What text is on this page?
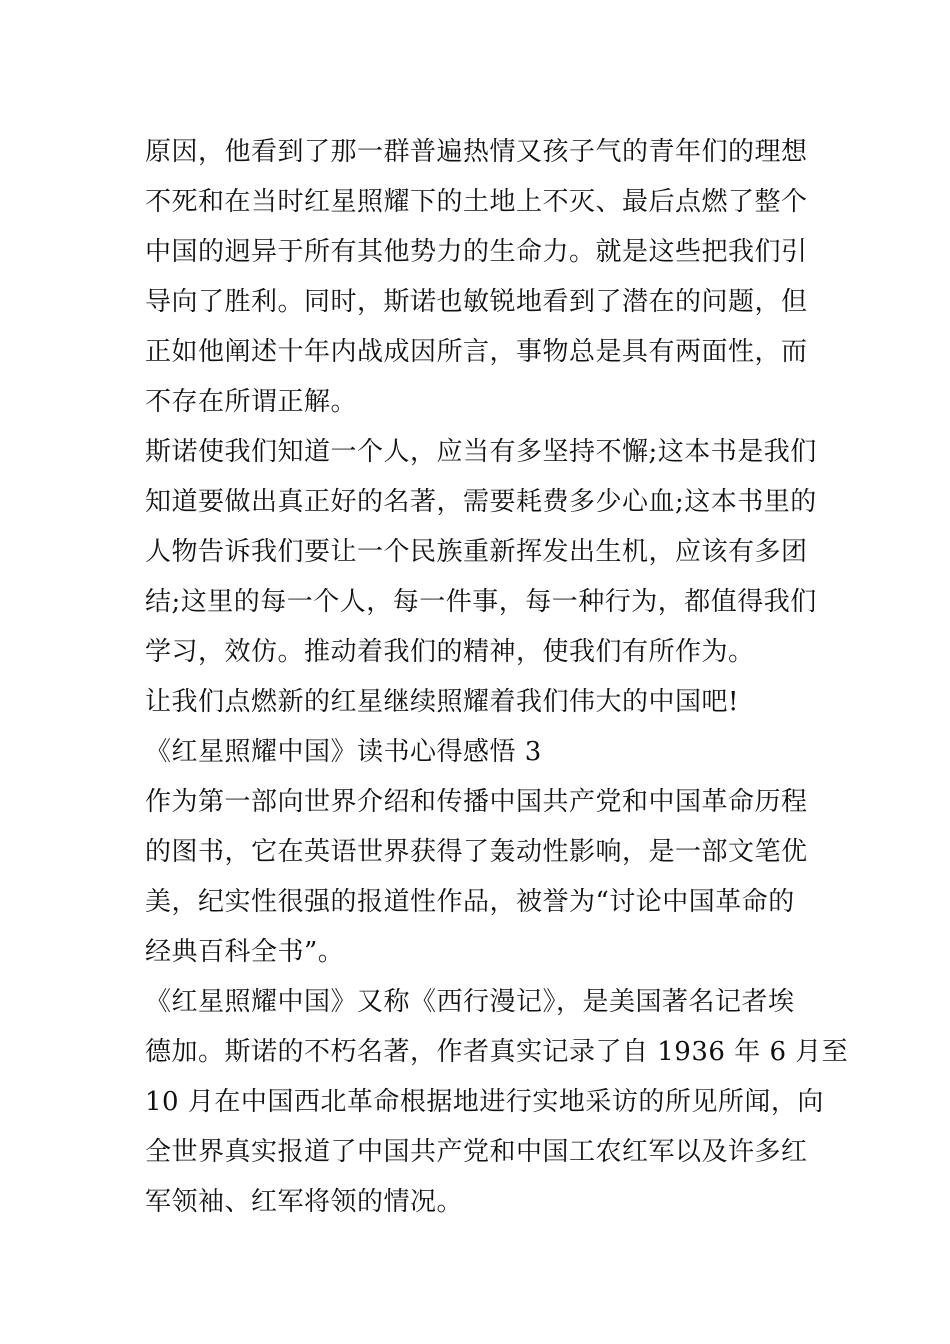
原因，他看到了那一群普遍热情又孩子气的青年们的理想
不死和在当时红星照耀下的土地上不灭、最后点燃了整个
中国的迥异于所有其他势力的生命力。就是这些把我们引
导向了胜利。同时，斯诺也敏锐地看到了潜在的问题，但
正如他阐述十年内战成因所言，事物总是具有两面性，而
不存在所谓正解。
斯诺使我们知道一个人，应当有多坚持不懈;这本书是我们
知道要做出真正好的名著，需要耗费多少心血;这本书里的
人物告诉我们要让一个民族重新挥发出生机，应该有多团
结;这里的每一个人，每一件事，每一种行为，都值得我们
学习，效仿。推动着我们的精神，使我们有所作为。
让我们点燃新的红星继续照耀着我们伟大的中国吧!
《红星照耀中国》读书心得感悟 3
作为第一部向世界介绍和传播中国共产党和中国革命历程
的图书，它在英语世界获得了轰动性影响，是一部文笔优
美，纪实性很强的报道性作品，被誉为“讨论中国革命的
经典百科全书”。
《红星照耀中国》又称《西行漫记》，是美国著名记者埃
德加。斯诺的不朽名著，作者真实记录了自 1936 年 6 月至
10 月在中国西北革命根据地进行实地采访的所见所闻，向
全世界真实报道了中国共产党和中国工农红军以及许多红
军领袖、红军将领的情况。
